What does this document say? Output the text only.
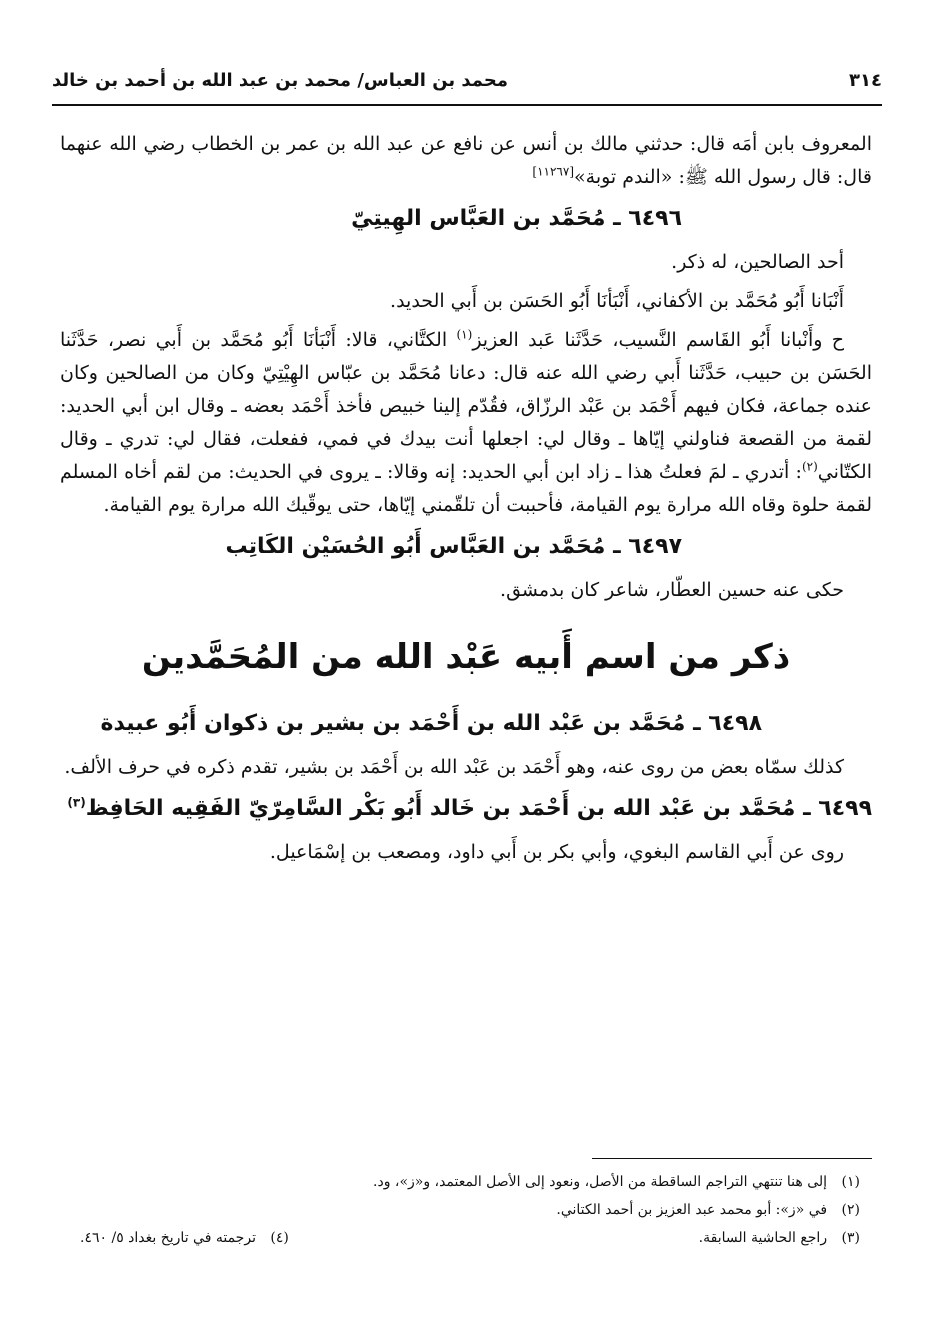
٣١٤
محمد بن العباس/ محمد بن عبد الله بن أحمد بن خالد

المعروف بابن أمَه قال: حدثني مالك بن أنس عن نافع عن عبد الله بن عمر بن الخطاب رضي الله عنهما قال: قال رسول الله ﷺ: «الندم توبة»[١١٢٦٧]

٦٤٩٦ ـ مُحَمَّد بن العَبَّاس الهِيتِيّ

أحد الصالحين، له ذكر.

أَنْبَانا أَبُو مُحَمَّد بن الأكفاني، أَنْبَأنَا أَبُو الحَسَن بن أَبي الحديد.

ح وأَنْبانا أَبُو القَاسم النَّسيب، حَدَّثَنا عَبد العزيز$^{(١)}$ الكتَّاني، قالا: أَنْبَأنَا أَبُو مُحَمَّد بن أَبي نصر، حَدَّثَنا الحَسَن بن حبيب، حَدَّثَنا أَبي رضي الله عنه قال: دعانا مُحَمَّد بن عبّاس الهِيْتِيّ وكان من الصالحين وكان عنده جماعة، فكان فيهم أَحْمَد بن عَبْد الرزّاق، فقُدّم إلينا خبيص فأخذ أَحْمَد بعضه ـ وقال ابن أبي الحديد: لقمة من القصعة فناولني إيّاها ـ وقال لي: اجعلها أنت بيدك في فمي، ففعلت، فقال لي: تدري ـ وقال الكتّاني$^{(٢)}$: أتدري ـ لمَ فعلتُ هذا ـ زاد ابن أبي الحديد: إنه وقالا: ـ يروى في الحديث: من لقم أخاه المسلم لقمة حلوة وقاه الله مرارة يوم القيامة، فأحببت أن تلقّمني إيّاها، حتى يوقّيك الله مرارة يوم القيامة.

٦٤٩٧ ـ مُحَمَّد بن العَبَّاس أَبُو الحُسَيْن الكَاتِب

حكى عنه حسين العطّار، شاعر كان بدمشق.

ذكر من اسم أَبيه عَبْد الله من المُحَمَّدين
٦٤٩٨ ـ مُحَمَّد بن عَبْد الله بن أَحْمَد بن بشير بن ذكوان أَبُو عبيدة

كذلك سمّاه بعض من روى عنه، وهو أَحْمَد بن عَبْد الله بن أَحْمَد بن بشير، تقدم ذكره في حرف الألف.

٦٤٩٩ ـ مُحَمَّد بن عَبْد الله بن أَحْمَد بن خَالد أَبُو بَكْر السَّامِرّيّ الفَقِيه الحَافِظ$^{(٣)}$

روى عن أَبي القاسم البغوي، وأبي بكر بن أَبي داود، ومصعب بن إسْمَاعيل.

(١) إلى هنا تنتهي التراجم الساقطة من الأصل، ونعود إلى الأصل المعتمد، و«ز»، ود.
(٢) في «ز»: أبو محمد عبد العزيز بن أحمد الكتاني.
(٣) راجع الحاشية السابقة.
(٤) ترجمته في تاريخ بغداد ٥/ ٤٦٠.
